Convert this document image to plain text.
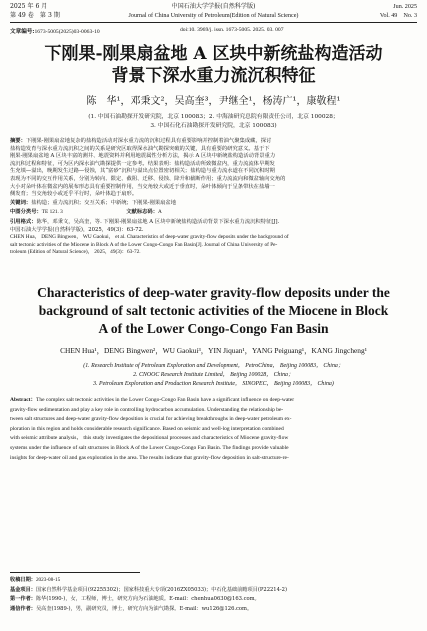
2025 年 6 月
第 49 卷　第 3 期
中国石油大学学报(自然科学版)
Journal of China University of Petroleum(Edition of Natural Science)
Jun. 2025
Vol. 49　No. 3
文章编号:1673-5005(2025)03-0063-10	doi:10. 3969/j. issn. 1673-5005. 2025. 03. 007
下刚果-刚果扇盆地 A 区块中新统盐构造活动
背景下深水重力流沉积特征
陈　华¹，邓秉文²，吴高奎³，尹继全¹，杨涛广¹，康敬程¹
(1. 中国石油勘探开发研究院，北京 100083；2. 中海油研究总院有限责任公司，北京 100028；
3. 中国石化石油勘探开发研究院，北京 100083)
摘要：下刚果-刚果扇盆地复杂的盐构造活动对深水重力流的沉积过程具有重要影响并控制着油气聚集成藏，探讨
盐构造发育与深水重力流沉积之间的关系是研究区取得深水油气勘探突破的关键，具有重要的研究意义。基于下
刚果-刚果扇盆地 A 区块丰富的测井、地震资料并利用地震属性分析方法，揭示 A 区块中新统盐构造活动背景重力
流沉积过程和特征，可为区内深水油气勘探提供一定参考。结果表明：盐构造活动所致微盆内，重力流流体早期发
生充填—溢出，晚期发生过路—侵蚀，其“富砂”沉积与溢出点位置密切相关；盐构造与重力流水道在不同沉积时期
表现为不同的交互作用关系，分别为转向、限定、截阻、迁移、侵蚀、降升和截断作用；重力流流向和微盆轴向交角的
大小对朵叶体在微盆内的展布形态具有重要控制作用，当交角较大或近于垂直时，朵叶体倾向于呈条带状在盐墙一
侧发育；当交角较小或近乎平行时，朵叶体趋于扇形。
关键词：盐构造；重力流沉积；交互关系；中新统；下刚果-刚果扇盆地
中图分类号：TE 121. 3	文献标志码：A
引用格式：陈华，邓秉文，吴高奎，等. 下刚果-刚果扇盆地 A 区块中新统盐构造活动背景下深水重力流沉积特征[J].
中国石油大学学报(自然科学版)，2025，49(3)：63-72.
CHEN Hua， DENG Bingwen， WU Gaokui， et al. Characteristics of deep-water gravity-flow deposits under the background of
salt tectonic activities of the Miocene in Block A of the Lower Congo-Congo Fan Basin[J]. Journal of China University of Pe-
troleum (Edition of Natural Science)， 2025，49(3)：63-72.
Characteristics of deep-water gravity-flow deposits under the
background of salt tectonic activities of the Miocene in Block
A of the Lower Congo-Congo Fan Basin
CHEN Hua¹，DENG Bingwen²，WU Gaokui³，YIN Jiquan¹，YANG Peiguang¹，KANG Jingcheng¹
(1. Research Institute of Petroleum Exploration and Development， PetroChina， Beijing 100083， China；
2. CNOOC Research Institute Limited， Beijing 100028， China；
3. Petroleum Exploration and Production Research Institute， SINOPEC， Beijing 100083， China)
Abstract：The complex salt tectonic activities in the Lower Congo-Congo Fan Basin have a significant influence on deep-water
gravity-flow sedimentation and play a key role in controlling hydrocarbon accumulation. Understanding the relationship be-
tween salt structures and deep-water gravity-flow deposition is crucial for achieving breakthroughs in deep-water petroleum ex-
ploration in this region and holds considerable research significance. Based on seismic and well-log interpretation combined
with seismic attribute analysis， this study investigates the depositional processes and characteristics of Miocene gravity-flow
systems under the influence of salt structures in Block A of the Lower Congo-Congo Fan Basin. The findings provide valuable
insights for deep-water oil and gas exploration in the area. The results indicate that gravity-flow deposition in salt-structure-re-
收稿日期：2023-08-15
基金项目：国家自然科学基金项目(92255302)；国家科技重大专项(2016ZX05033)；中石化基础前瞻项目(P22214-2)
第一作者：陈华(1990-)，女，工程师，博士，研究方向为石油地质。E-mail：chenhua0630@163.com。
通信作者：吴高奎(1989-)，男，副研究员，博士，研究方向为油气勘探。E-mail：wu126@126.com。
